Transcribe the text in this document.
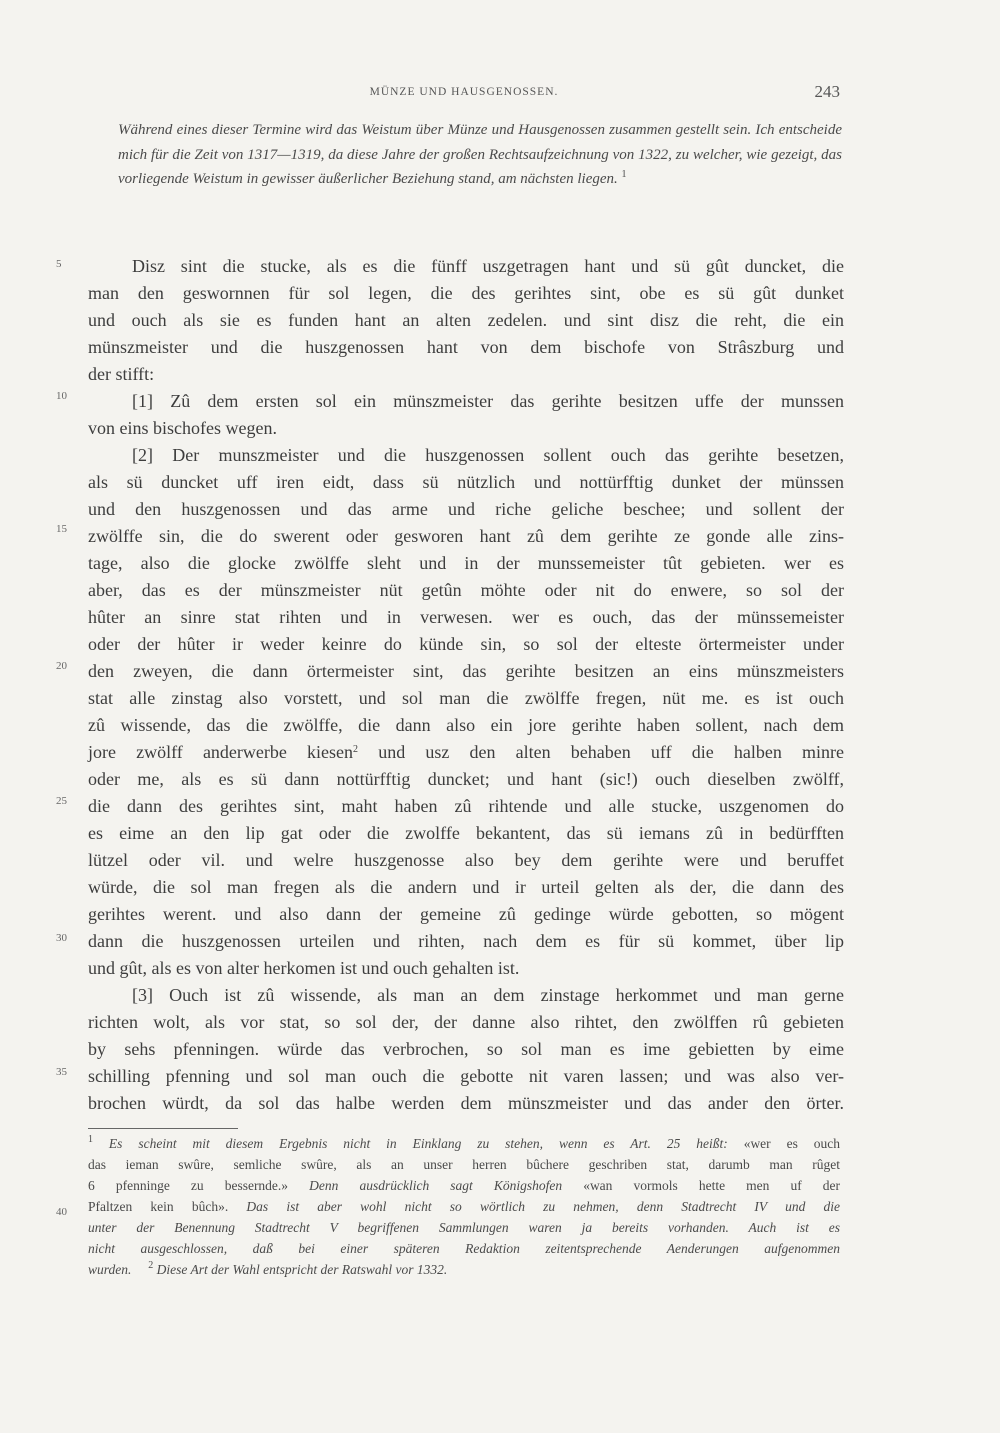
MÜNZE UND HAUSGENOSSEN.	243
Während eines dieser Termine wird das Weistum über Münze und Hausgenossen zusammen gestellt sein. Ich entscheide mich für die Zeit von 1317—1319, da diese Jahre der großen Rechtsaufzeichnung von 1322, zu welcher, wie gezeigt, das vorliegende Weistum in gewisser äußerlicher Beziehung stand, am nächsten liegen. $^1$
5
10
15
20
25
30
35
40
Disz sint die stucke, als es die fünff uszgetragen hant und sü gût duncket, die
man den geswornnen für sol legen, die des gerihtes sint, obe es sü gût dunket
und ouch als sie es funden hant an alten zedelen. und sint disz die reht, die ein
münszmeister und die huszgenossen hant von dem bischofe von Strâszburg und
der stifft:
[1] Zû dem ersten sol ein münszmeister das gerihte besitzen uffe der munssen
von eins bischofes wegen.
[2] Der munszmeister und die huszgenossen sollent ouch das gerihte besetzen,
als sü duncket uff iren eidt, dass sü nützlich und nottürfftig dunket der münssen
und den huszgenossen und das arme und riche geliche beschee; und sollent der
zwölffe sin, die do swerent oder gesworen hant zû dem gerihte ze gonde alle zins-
tage, also die glocke zwölffe sleht und in der munssemeister tût gebieten. wer es
aber, das es der münszmeister nüt getûn möhte oder nit do enwere, so sol der
hûter an sinre stat rihten und in verwesen. wer es ouch, das der münssemeister
oder der hûter ir weder keinre do künde sin, so sol der elteste örtermeister under
den zweyen, die dann örtermeister sint, das gerihte besitzen an eins münszmeisters
stat alle zinstag also vorstett, und sol man die zwölffe fregen, nüt me. es ist ouch
zû wissende, das die zwölffe, die dann also ein jore gerihte haben sollent, nach dem
jore zwölff anderwerbe kiesen$^2$ und usz den alten behaben uff die halben minre
oder me, als es sü dann nottürfftig duncket; und hant (sic!) ouch dieselben zwölff,
die dann des gerihtes sint, maht haben zû rihtende und alle stucke, uszgenomen do
es eime an den lip gat oder die zwolffe bekantent, das sü iemans zû in bedürfften
lützel oder vil. und welre huszgenosse also bey dem gerihte were und beruffet
würde, die sol man fregen als die andern und ir urteil gelten als der, die dann des
gerihtes werent. und also dann der gemeine zû gedinge würde gebotten, so mögent
dann die huszgenossen urteilen und rihten, nach dem es für sü kommet, über lip
und gût, als es von alter herkomen ist und ouch gehalten ist.
[3] Ouch ist zû wissende, als man an dem zinstage herkommet und man gerne
richten wolt, als vor stat, so sol der, der danne also rihtet, den zwölffen rû gebieten
by sehs pfenningen. würde das verbrochen, so sol man es ime gebietten by eime
schilling pfenning und sol man ouch die gebotte nit varen lassen; und was also ver-
brochen würdt, da sol das halbe werden dem münszmeister und das ander den örter.
$^1$ Es scheint mit diesem Ergebnis nicht in Einklang zu stehen, wenn es Art. 25 heißt: «wer es ouch
das ieman swûre, semliche swûre, als an unser herren bûchere geschriben stat, darumb man rûget
6 pfenninge zu bessernde.» Denn ausdrücklich sagt Königshofen «wan vormols hette men uf der
Pfaltzen kein bûch». Das ist aber wohl nicht so wörtlich zu nehmen, denn Stadtrecht IV und die
unter der Benennung Stadtrecht V begriffenen Sammlungen waren ja bereits vorhanden. Auch ist es
nicht ausgeschlossen, daß bei einer späteren Redaktion zeitentsprechende Aenderungen aufgenommen
wurden. $^2$ Diese Art der Wahl entspricht der Ratswahl vor 1332.
